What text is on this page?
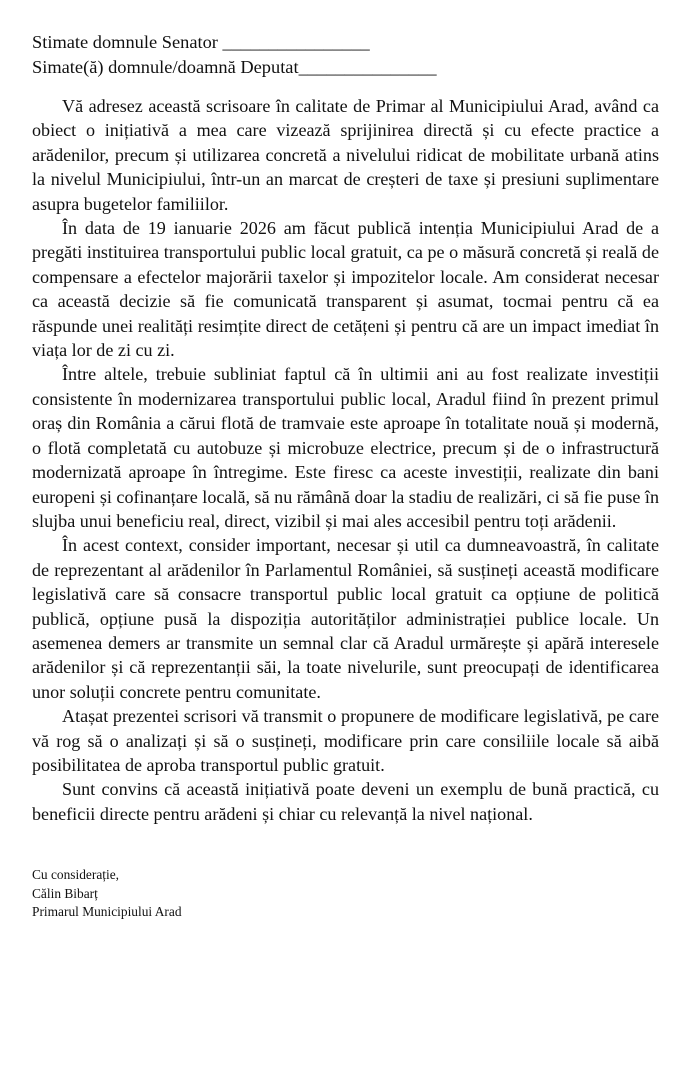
Stimate domnule Senator ________________

Simate(ă) domnule/doamnă Deputat_______________

Vă adresez această scrisoare în calitate de Primar al Municipiului Arad, având ca obiect o inițiativă a mea care vizează sprijinirea directă și cu efecte practice a arădenilor, precum și utilizarea concretă a nivelului ridicat de mobilitate urbană atins la nivelul Municipiului, într-un an marcat de creșteri de taxe și presiuni suplimentare asupra bugetelor familiilor.

În data de 19 ianuarie 2026 am făcut publică intenția Municipiului Arad de a pregăti instituirea transportului public local gratuit, ca pe o măsură concretă și reală de compensare a efectelor majorării taxelor și impozitelor locale. Am considerat necesar ca această decizie să fie comunicată transparent și asumat, tocmai pentru că ea răspunde unei realități resimțite direct de cetățeni și pentru că are un impact imediat în viața lor de zi cu zi.

Între altele, trebuie subliniat faptul că în ultimii ani au fost realizate investiții consistente în modernizarea transportului public local, Aradul fiind în prezent primul oraș din România a cărui flotă de tramvaie este aproape în totalitate nouă și modernă, o flotă completată cu autobuze și microbuze electrice, precum și de o infrastructură modernizată aproape în întregime. Este firesc ca aceste investiții, realizate din bani europeni și cofinanțare locală, să nu rămână doar la stadiu de realizări, ci să fie puse în slujba unui beneficiu real, direct, vizibil și mai ales accesibil pentru toți arădenii.

În acest context, consider important, necesar și util ca dumneavoastră, în calitate de reprezentant al arădenilor în Parlamentul României, să susțineți această modificare legislativă care să consacre transportul public local gratuit ca opțiune de politică publică, opțiune pusă la dispoziția autorităților administrației publice locale. Un asemenea demers ar transmite un semnal clar că Aradul urmărește și apără interesele arădenilor și că reprezentanții săi, la toate nivelurile, sunt preocupați de identificarea unor soluții concrete pentru comunitate.

Atașat prezentei scrisori vă transmit o propunere de modificare legislativă, pe care vă rog să o analizați și să o susțineți, modificare prin care consiliile locale să aibă posibilitatea de aproba transportul public gratuit.

Sunt convins că această inițiativă poate deveni un exemplu de bună practică, cu beneficii directe pentru arădeni și chiar cu relevanță la nivel național.

Cu considerație,

Călin Bibarț

Primarul Municipiului Arad
